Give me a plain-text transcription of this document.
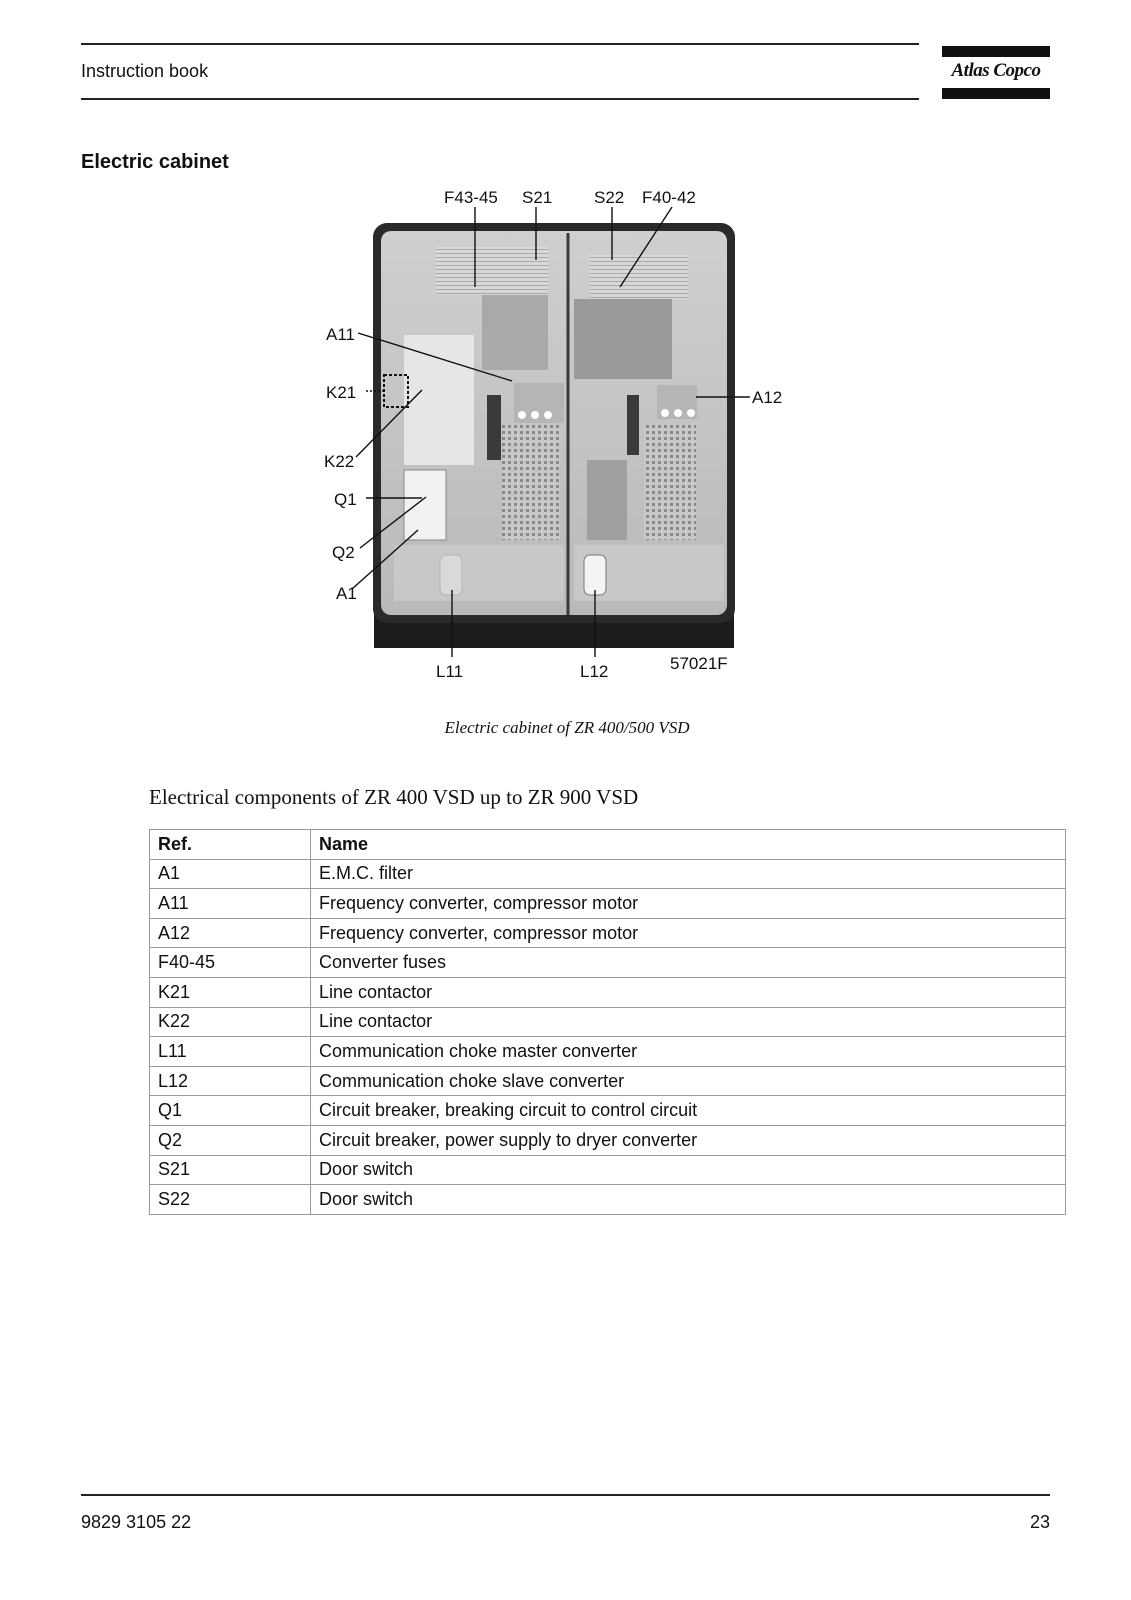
Instruction book	Atlas Copco
Electric cabinet
F43-45 S21 S22 F40-42
A11
K21
K22
Q1
Q2
A1
A12
L11	L12	57021F
Electric cabinet of ZR 400/500 VSD
Electrical components of ZR 400 VSD up to ZR 900 VSD
Ref.	Name
A1	E.M.C. filter
A11	Frequency converter, compressor motor
A12	Frequency converter, compressor motor
F40-45	Converter fuses
K21	Line contactor
K22	Line contactor
L11	Communication choke master converter
L12	Communication choke slave converter
Q1	Circuit breaker, breaking circuit to control circuit
Q2	Circuit breaker, power supply to dryer converter
S21	Door switch
S22	Door switch
9829 3105 22	23
